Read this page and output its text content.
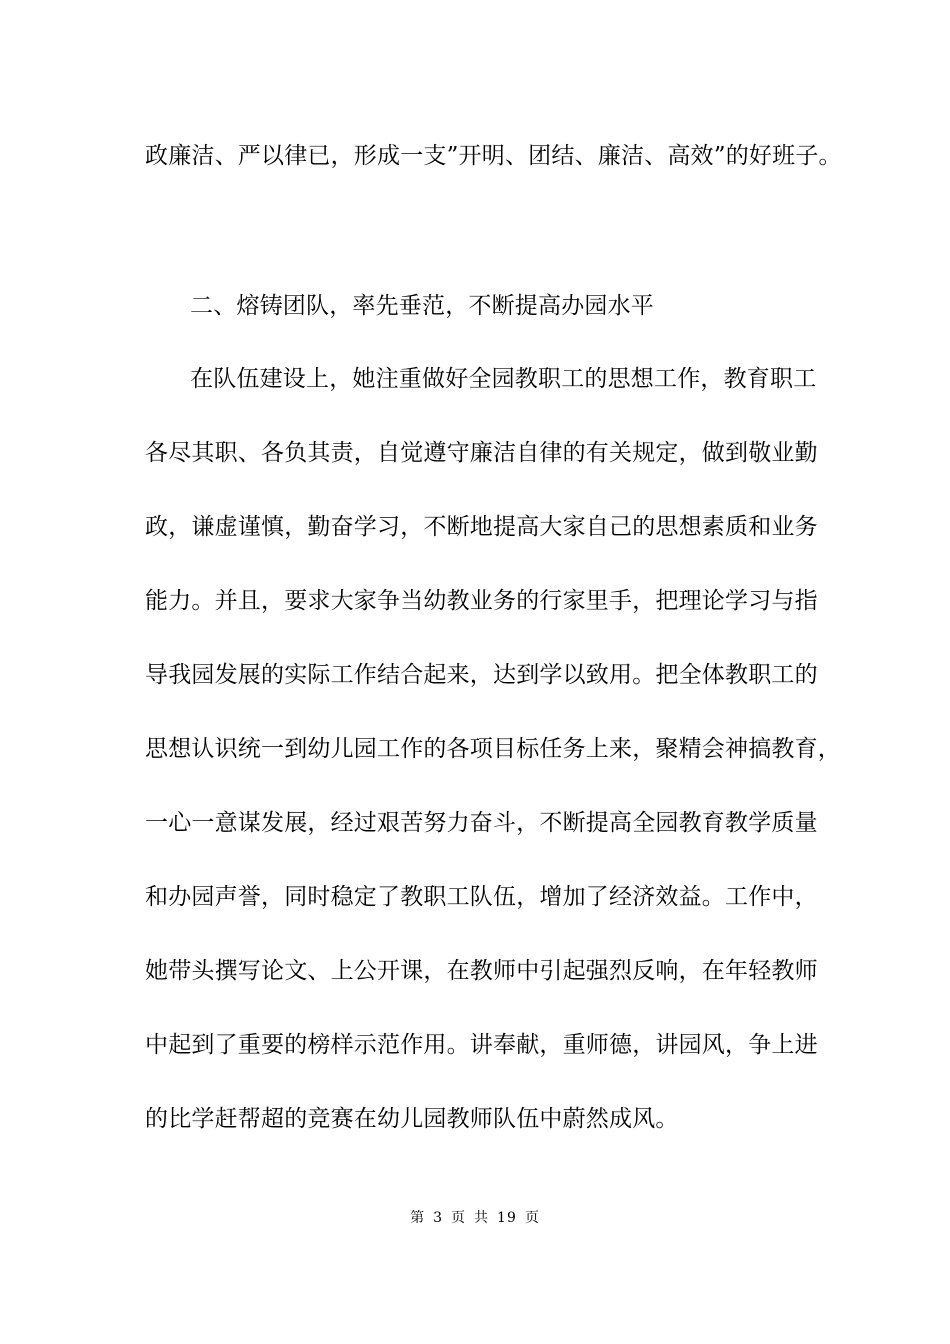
政廉洁、严以律已，形成一支”开明、团结、廉洁、高效”的好班子。
二、熔铸团队，率先垂范，不断提高办园水平
在队伍建设上，她注重做好全园教职工的思想工作，教育职工
各尽其职、各负其责，自觉遵守廉洁自律的有关规定，做到敬业勤
政，谦虚谨慎，勤奋学习，不断地提高大家自己的思想素质和业务
能力。并且，要求大家争当幼教业务的行家里手，把理论学习与指
导我园发展的实际工作结合起来，达到学以致用。把全体教职工的
思想认识统一到幼儿园工作的各项目标任务上来，聚精会神搞教育，
一心一意谋发展，经过艰苦努力奋斗，不断提高全园教育教学质量
和办园声誉，同时稳定了教职工队伍，增加了经济效益。工作中，
她带头撰写论文、上公开课，在教师中引起强烈反响，在年轻教师
中起到了重要的榜样示范作用。讲奉献，重师德，讲园风，争上进
的比学赶帮超的竞赛在幼儿园教师队伍中蔚然成风。
第 3 页 共 19 页
